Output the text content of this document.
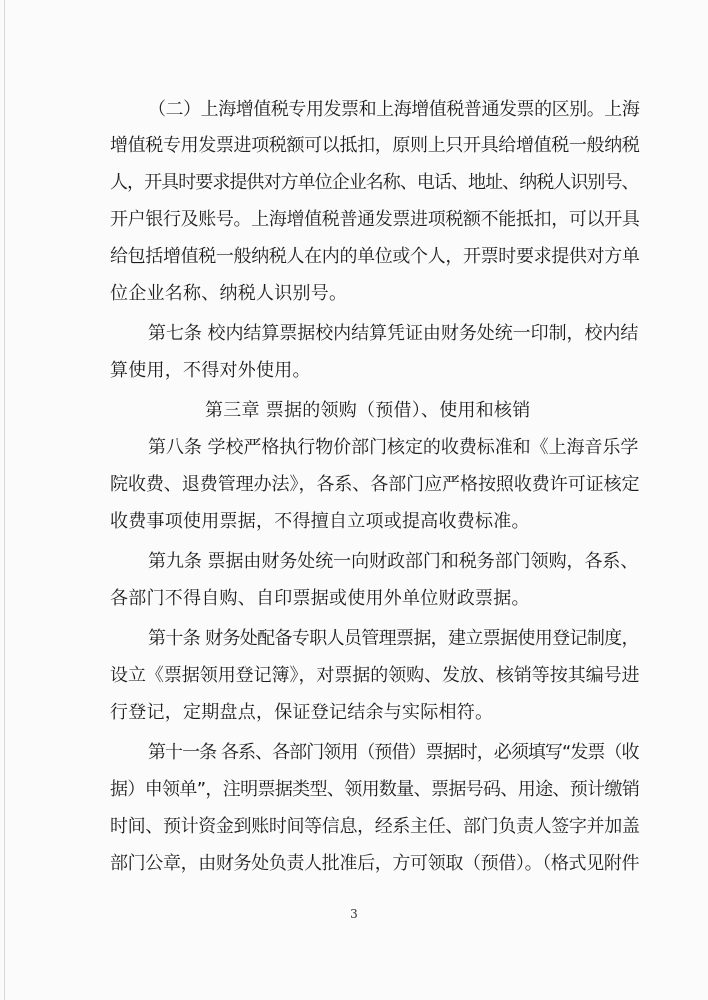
（二）上海增值税专用发票和上海增值税普通发票的区别。上海
增值税专用发票进项税额可以抵扣，原则上只开具给增值税一般纳税
人，开具时要求提供对方单位企业名称、电话、地址、纳税人识别号、
开户银行及账号。上海增值税普通发票进项税额不能抵扣，可以开具
给包括增值税一般纳税人在内的单位或个人，开票时要求提供对方单
位企业名称、纳税人识别号。
第七条 校内结算票据校内结算凭证由财务处统一印制，校内结
算使用，不得对外使用。
第三章 票据的领购（预借）、使用和核销
第八条 学校严格执行物价部门核定的收费标准和《上海音乐学
院收费、退费管理办法》，各系、各部门应严格按照收费许可证核定
收费事项使用票据，不得擅自立项或提高收费标准。
第九条 票据由财务处统一向财政部门和税务部门领购，各系、
各部门不得自购、自印票据或使用外单位财政票据。
第十条 财务处配备专职人员管理票据，建立票据使用登记制度，
设立《票据领用登记簿》，对票据的领购、发放、核销等按其编号进
行登记，定期盘点，保证登记结余与实际相符。
第十一条 各系、各部门领用（预借）票据时，必须填写“发票（收
据）申领单”，注明票据类型、领用数量、票据号码、用途、预计缴销
时间、预计资金到账时间等信息，经系主任、部门负责人签字并加盖
部门公章，由财务处负责人批准后，方可领取（预借）。（格式见附件
3
